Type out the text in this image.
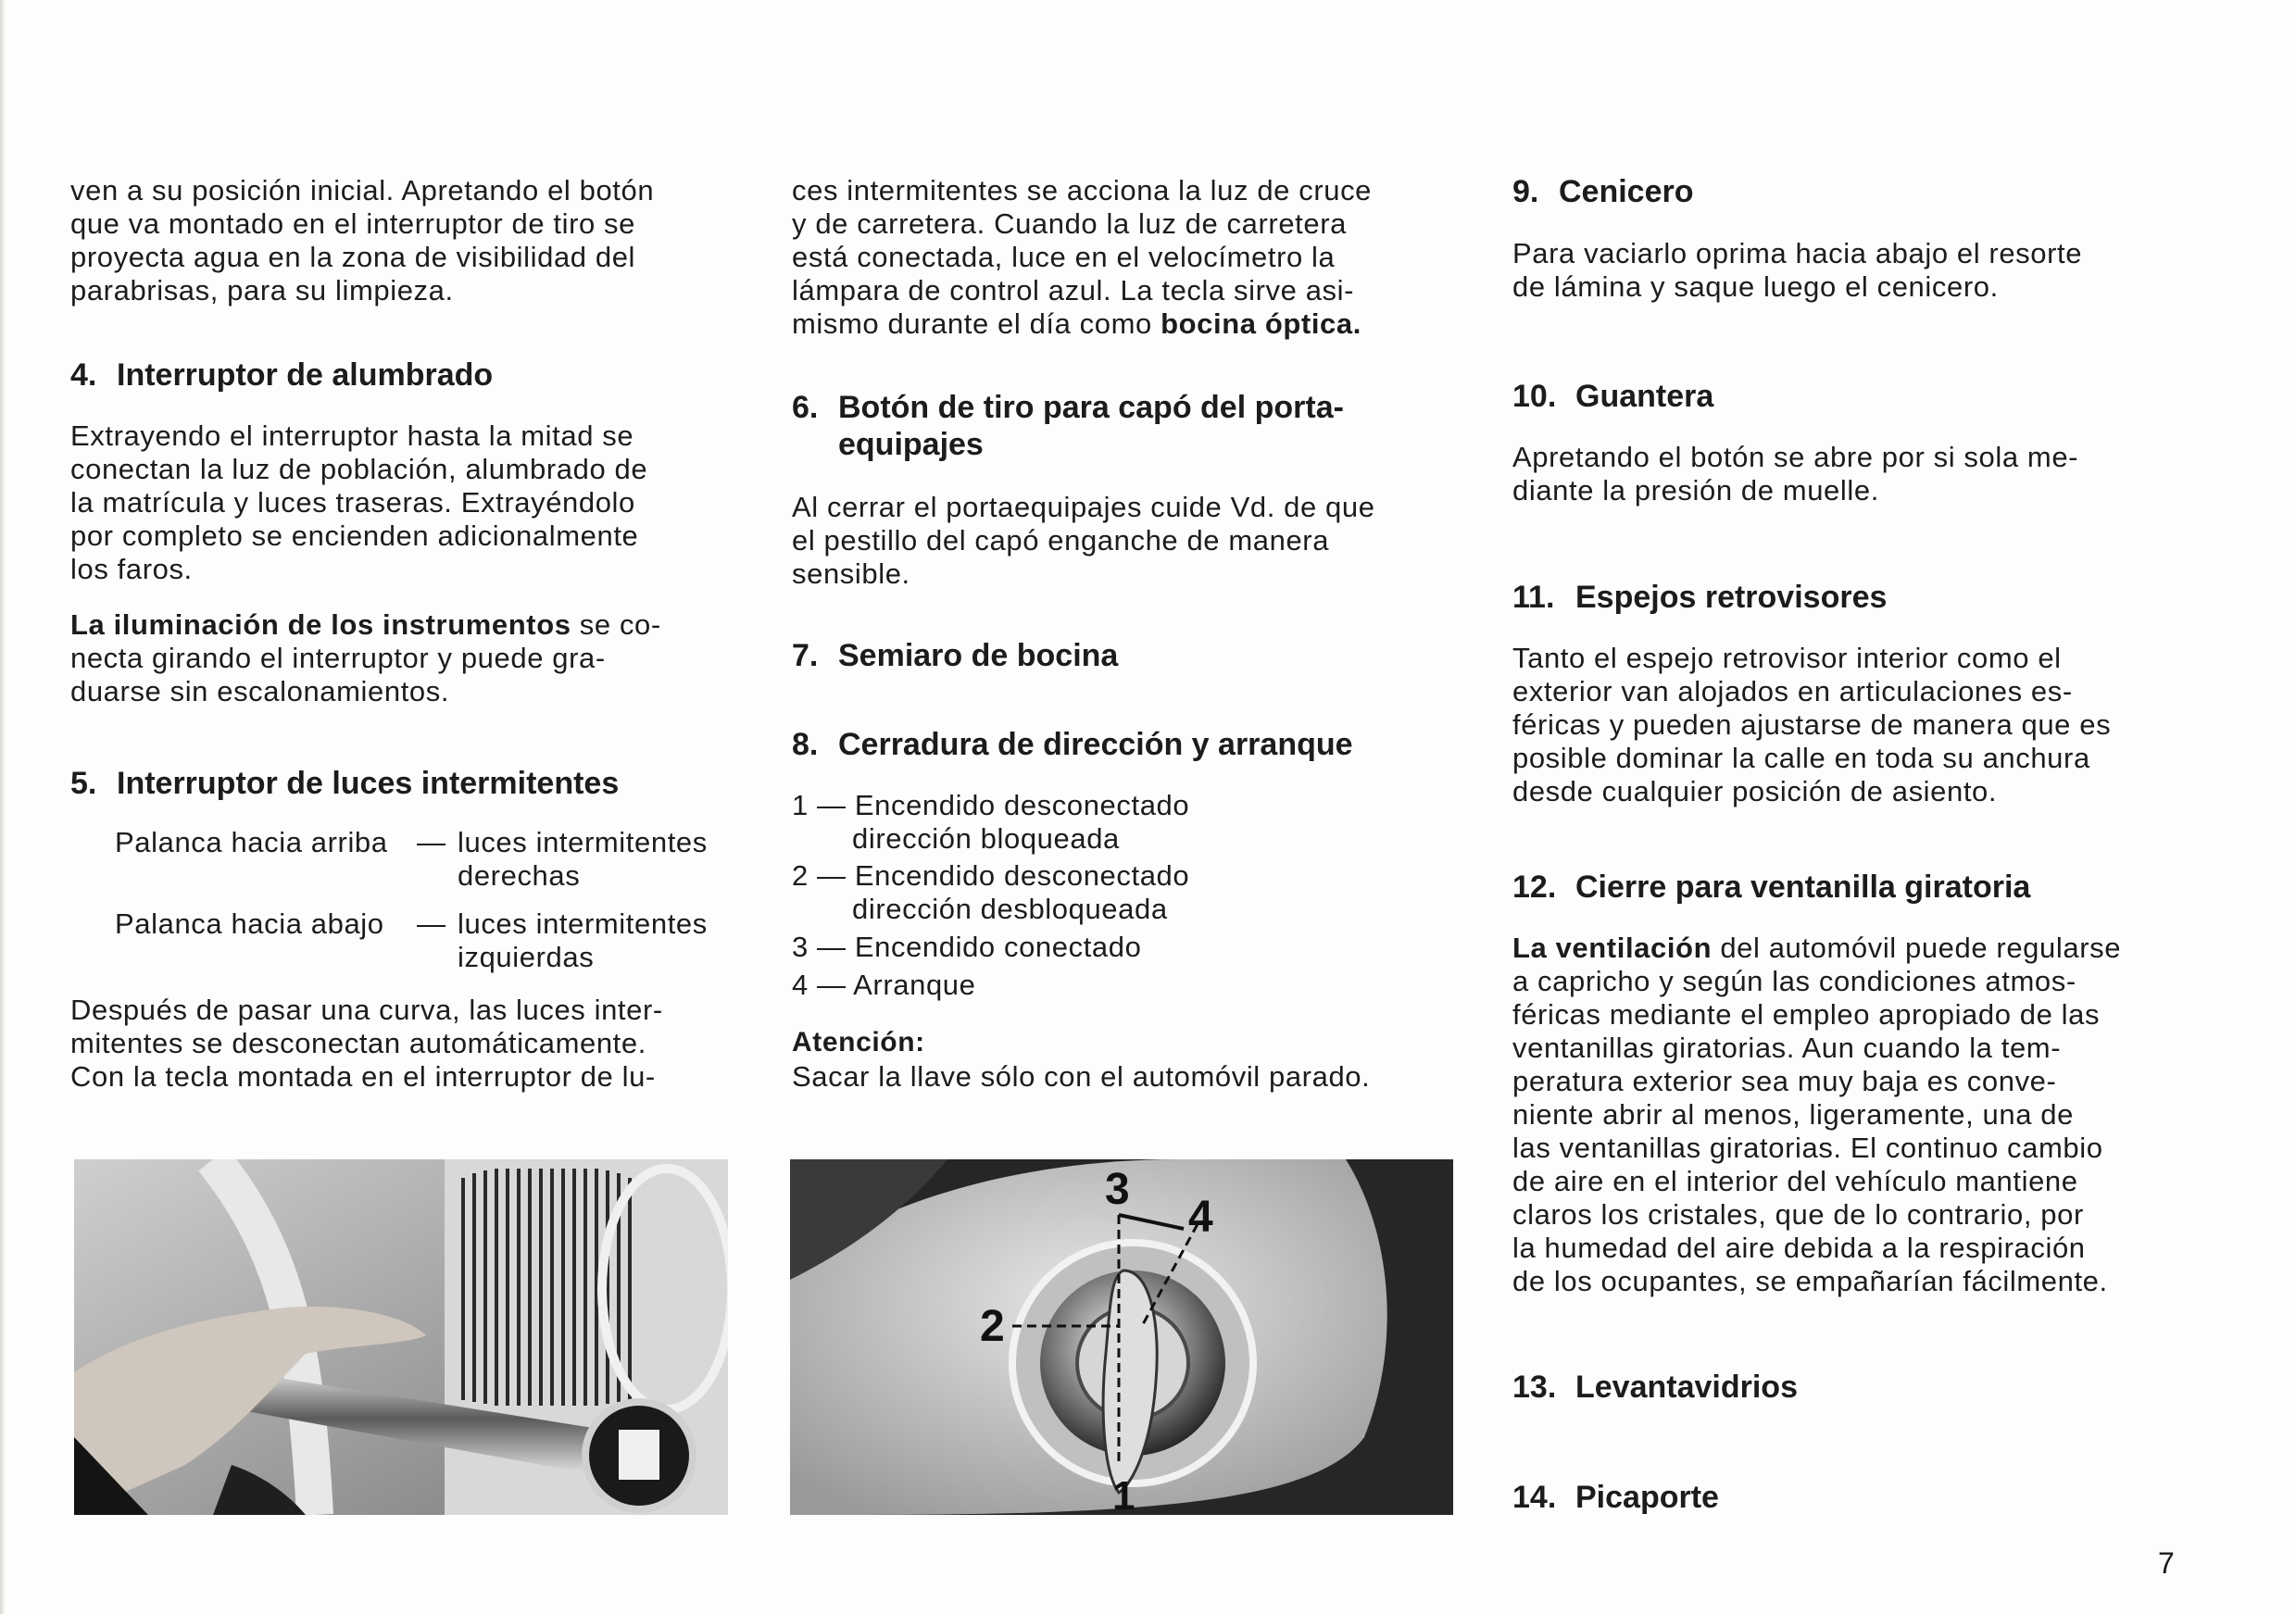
ven a su posición inicial. Apretando el botón
que va montado en el interruptor de tiro se
proyecta agua en la zona de visibilidad del
parabrisas, para su limpieza.
4. Interruptor de alumbrado
Extrayendo el interruptor hasta la mitad se
conectan la luz de población, alumbrado de
la matrícula y luces traseras. Extrayéndolo
por completo se encienden adicionalmente
los faros.
La iluminación de los instrumentos se co-
necta girando el interruptor y puede gra-
duarse sin escalonamientos.
5. Interruptor de luces intermitentes
Palanca hacia arriba — luces intermitentes
derechas
Palanca hacia abajo — luces intermitentes
izquierdas
Después de pasar una curva, las luces inter-
mitentes se desconectan automáticamente.
Con la tecla montada en el interruptor de lu-
ces intermitentes se acciona la luz de cruce
y de carretera. Cuando la luz de carretera
está conectada, luce en el velocímetro la
lámpara de control azul. La tecla sirve asi-
mismo durante el día como bocina óptica.
6. Botón de tiro para capó del porta-
equipajes
Al cerrar el portaequipajes cuide Vd. de que
el pestillo del capó enganche de manera
sensible.
7. Semiaro de bocina
8. Cerradura de dirección y arranque
1 — Encendido desconectado
dirección bloqueada
2 — Encendido desconectado
dirección desbloqueada
3 — Encendido conectado
4 — Arranque
Atención:
Sacar la llave sólo con el automóvil parado.
3
4
2
1
9. Cenicero
Para vaciarlo oprima hacia abajo el resorte
de lámina y saque luego el cenicero.
10. Guantera
Apretando el botón se abre por si sola me-
diante la presión de muelle.
11. Espejos retrovisores
Tanto el espejo retrovisor interior como el
exterior van alojados en articulaciones es-
féricas y pueden ajustarse de manera que es
posible dominar la calle en toda su anchura
desde cualquier posición de asiento.
12. Cierre para ventanilla giratoria
La ventilación del automóvil puede regularse
a capricho y según las condiciones atmos-
féricas mediante el empleo apropiado de las
ventanillas giratorias. Aun cuando la tem-
peratura exterior sea muy baja es conve-
niente abrir al menos, ligeramente, una de
las ventanillas giratorias. El continuo cambio
de aire en el interior del vehículo mantiene
claros los cristales, que de lo contrario, por
la humedad del aire debida a la respiración
de los ocupantes, se empañarían fácilmente.
13. Levantavidrios
14. Picaporte
7
